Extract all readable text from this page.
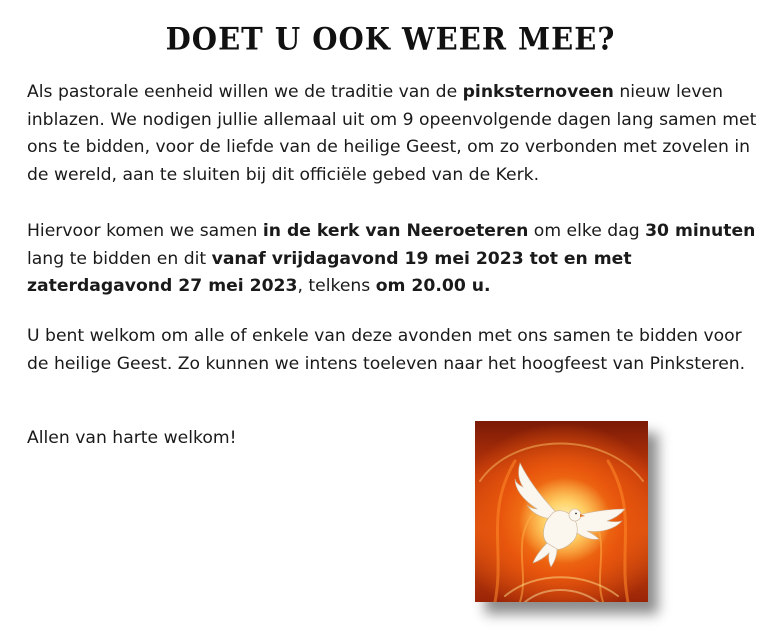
DOET U OOK WEER MEE?

Als pastorale eenheid willen we de traditie van de pinksternoveen nieuw leven inblazen. We nodigen jullie allemaal uit om 9 opeenvolgende dagen lang samen met ons te bidden, voor de liefde van de heilige Geest, om zo verbonden met zovelen in de wereld, aan te sluiten bij dit officiële gebed van de Kerk.

Hiervoor komen we samen in de kerk van Neeroeteren om elke dag 30 minuten lang te bidden en dit vanaf vrijdagavond 19 mei 2023 tot en met zaterdagavond 27 mei 2023, telkens om 20.00 u.

U bent welkom om alle of enkele van deze avonden met ons samen te bidden voor de heilige Geest. Zo kunnen we intens toeleven naar het hoogfeest van Pinksteren.

Allen van harte welkom!
